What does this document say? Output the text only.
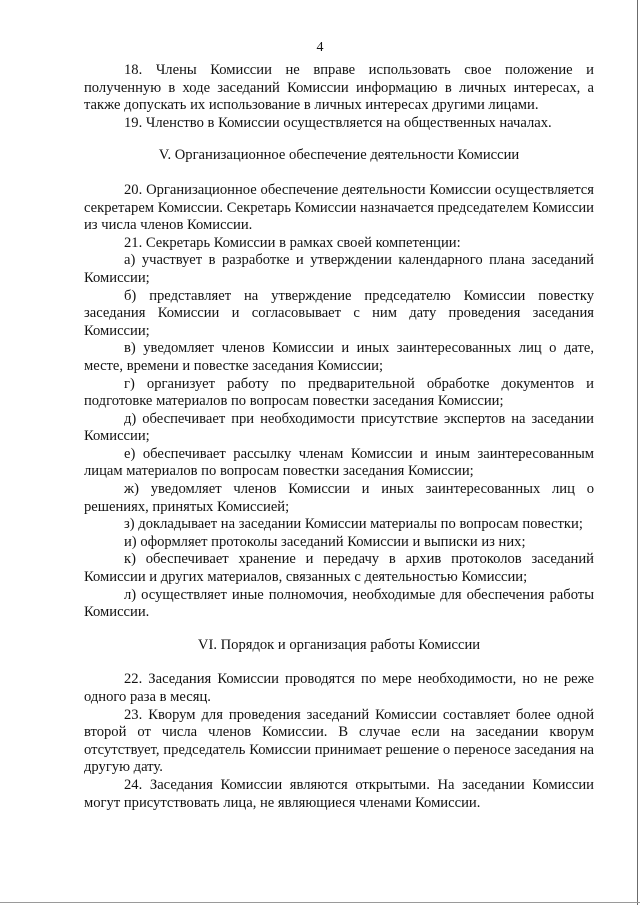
4

18. Члены Комиссии не вправе использовать свое положение и полученную в ходе заседаний Комиссии информацию в личных интересах, а также допускать их использование в личных интересах другими лицами.

19. Членство в Комиссии осуществляется на общественных началах.

V. Организационное обеспечение деятельности Комиссии

20. Организационное обеспечение деятельности Комиссии осуществляется секретарем Комиссии. Секретарь Комиссии назначается председателем Комиссии из числа членов Комиссии.

21. Секретарь Комиссии в рамках своей компетенции:

а) участвует в разработке и утверждении календарного плана заседаний Комиссии;

б) представляет на утверждение председателю Комиссии повестку заседания Комиссии и согласовывает с ним дату проведения заседания Комиссии;

в) уведомляет членов Комиссии и иных заинтересованных лиц о дате, месте, времени и повестке заседания Комиссии;

г) организует работу по предварительной обработке документов и подготовке материалов по вопросам повестки заседания Комиссии;

д) обеспечивает при необходимости присутствие экспертов на заседании Комиссии;

е) обеспечивает рассылку членам Комиссии и иным заинтересованным лицам материалов по вопросам повестки заседания Комиссии;

ж) уведомляет членов Комиссии и иных заинтересованных лиц о решениях, принятых Комиссией;

з) докладывает на заседании Комиссии материалы по вопросам повестки;

и) оформляет протоколы заседаний Комиссии и выписки из них;

к) обеспечивает хранение и передачу в архив протоколов заседаний Комиссии и других материалов, связанных с деятельностью Комиссии;

л) осуществляет иные полномочия, необходимые для обеспечения работы Комиссии.

VI. Порядок и организация работы Комиссии

22. Заседания Комиссии проводятся по мере необходимости, но не реже одного раза в месяц.

23. Кворум для проведения заседаний Комиссии составляет более одной второй от числа членов Комиссии. В случае если на заседании кворум отсутствует, председатель Комиссии принимает решение о переносе заседания на другую дату.

24. Заседания Комиссии являются открытыми. На заседании Комиссии могут присутствовать лица, не являющиеся членами Комиссии.
